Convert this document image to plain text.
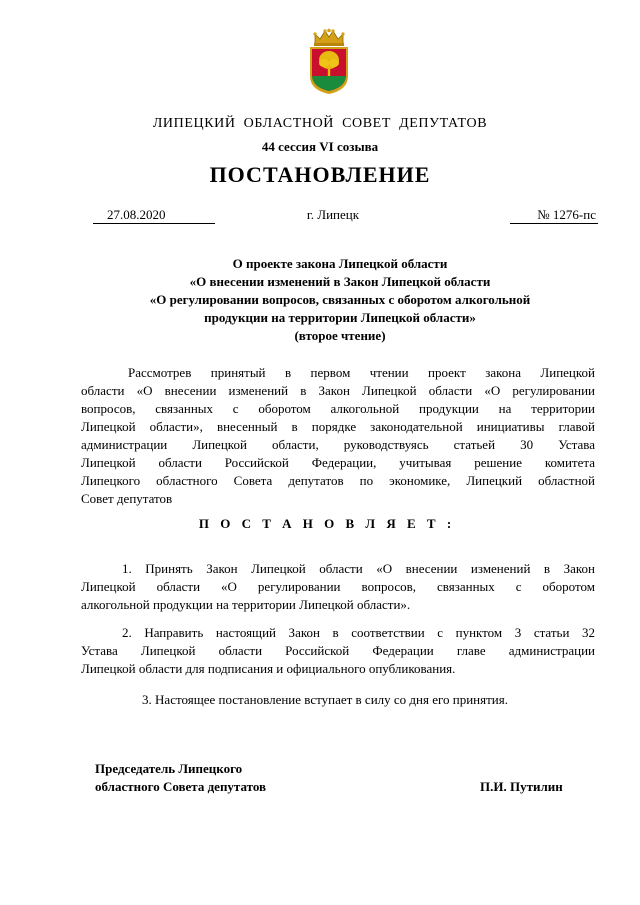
ЛИПЕЦКИЙ ОБЛАСТНОЙ СОВЕТ ДЕПУТАТОВ
44 сессия VI созыва
ПОСТАНОВЛЕНИЕ
27.08.2020	г. Липецк	№ 1276-пс
О проекте закона Липецкой области
«О внесении изменений в Закон Липецкой области
«О регулировании вопросов, связанных с оборотом алкогольной
продукции на территории Липецкой области»
(второе чтение)
Рассмотрев принятый в первом чтении проект закона Липецкой
области «О внесении изменений в Закон Липецкой области «О регулировании
вопросов, связанных с оборотом алкогольной продукции на территории
Липецкой области», внесенный в порядке законодательной инициативы главой
администрации Липецкой области, руководствуясь статьей 30 Устава
Липецкой области Российской Федерации, учитывая решение комитета
Липецкого областного Совета депутатов по экономике, Липецкий областной
Совет депутатов
П О С Т А Н О В Л Я Е Т :
1. Принять Закон Липецкой области «О внесении изменений в Закон
Липецкой области «О регулировании вопросов, связанных с оборотом
алкогольной продукции на территории Липецкой области».
2. Направить настоящий Закон в соответствии с пунктом 3 статьи 32
Устава Липецкой области Российской Федерации главе администрации
Липецкой области для подписания и официального опубликования.
3. Настоящее постановление вступает в силу со дня его принятия.
Председатель Липецкого
областного Совета депутатов	П.И. Путилин
